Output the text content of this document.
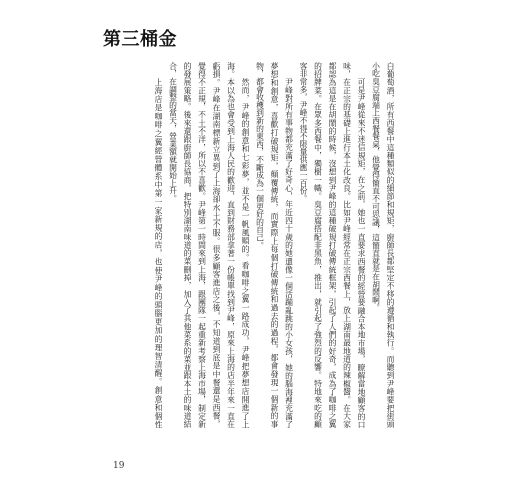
第三桶金
白葡萄酒，所有西餐中這種類似的細節和規矩，廚師長都堅定不移的遵循和執行。而聽到尹峰要把街頭
小吃臭豆腐端上西餐餐桌，他覺得簡直不可思議，這簡直就是在胡鬧啊。
可是尹峰從來不迷信規矩，在之前，她也一直要求西餐的經營要融合本地市場，瞭解當地顧客的口
味，在正宗的基礎上進行本土化改良。比如尹峰經常在正宗西餐上，放上湖南最地道的辣椒醬。在大家
都認為這是在胡鬧的時候，沒想到尹峰的這種破規打破傳統框架，引起了人們的好奇，成為了咖啡之翼
的招牌菜。在眾多西餐中，獨樹一幟。臭豆腐搭配非黑魚，推出，就引起了強烈的反響。特地來吃的顧
客非常多，尹峰不得不限量供應一百份。
尹峰對所有事物都充滿了好奇心，年近四十歲的她還像一個活蹦亂跳的小女孩，她的腦海裡充滿了
夢想和創意，喜歡打破規矩，顛覆傳統，而實際上每個打破傳統和過去的過程，都會發現一個新的事
物，都會收穫到新的東西，不斷成為一個更好的自己。
然而，尹峰的創意和七彩夢，並不是一帆風順的。看咖啡之翼一路成功，尹峰把夢想店開進了上
海。本以為也會受到上海人民的歡迎，直到財務部拿著一份帳單找到尹峰，原來上海的店半年來一直在
虧損。尹峰在湖南標新立異到了上海卻水土不服。很多顧客進店之後，不知道到底是中餐還是西餐，
覺得不正規，不土不洋，所以不喜歡。尹峰第一時間來到上海，跟團隊一起重新考察上海市場，制定新
的發展策略。後來還跟廚師長協商，把特別湖南味道的菜刪掉，加入了其他菜系的菜並跟本土的味道結
合，在調整的當天，營業額就開始上升。
上海店是咖啡之翼經營體系中第一家新規的店，也使尹峰的頭腦更加的理智清醒。創意和個性
19
